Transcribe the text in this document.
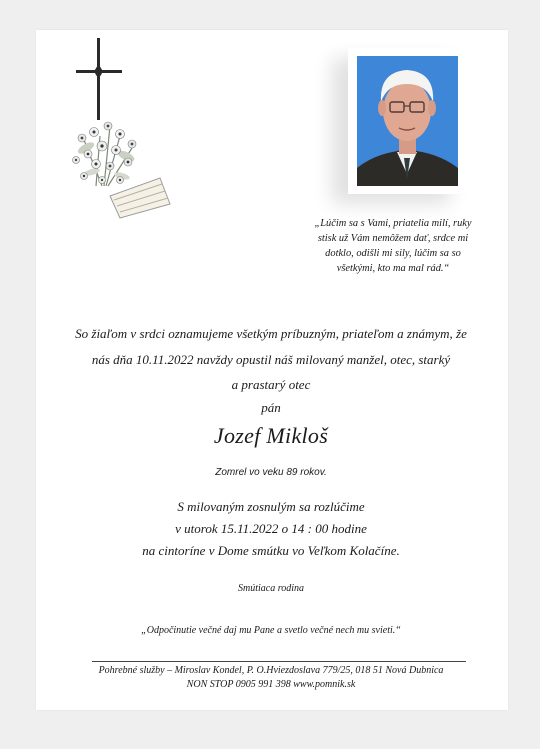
„Lúčim sa s Vami, priatelia milí, ruky
stisk už Vám nemôžem dať, srdce mi
dotklo, odišli mi sily, lúčim sa so
všetkými, kto ma mal rád.“
So žiaľom v srdci oznamujeme všetkým príbuzným, priateľom a známym, že
nás dňa 10.11.2022 navždy opustil náš milovaný manžel, otec, starký
a prastarý otec
pán
Jozef Mikloš
Zomrel vo veku 89 rokov.
S milovaným zosnulým sa rozlúčime
v utorok 15.11.2022 o 14 : 00 hodine
na cintoríne v Dome smútku vo Veľkom Kolačíne.
Smútiaca rodina
„Odpočinutie večné daj mu Pane a svetlo večné nech mu svieti.“
Pohrebné služby – Miroslav Kondel, P. O.Hviezdoslava 779/25, 018 51 Nová Dubnica
NON STOP 0905 991 398 www.pomnik.sk
